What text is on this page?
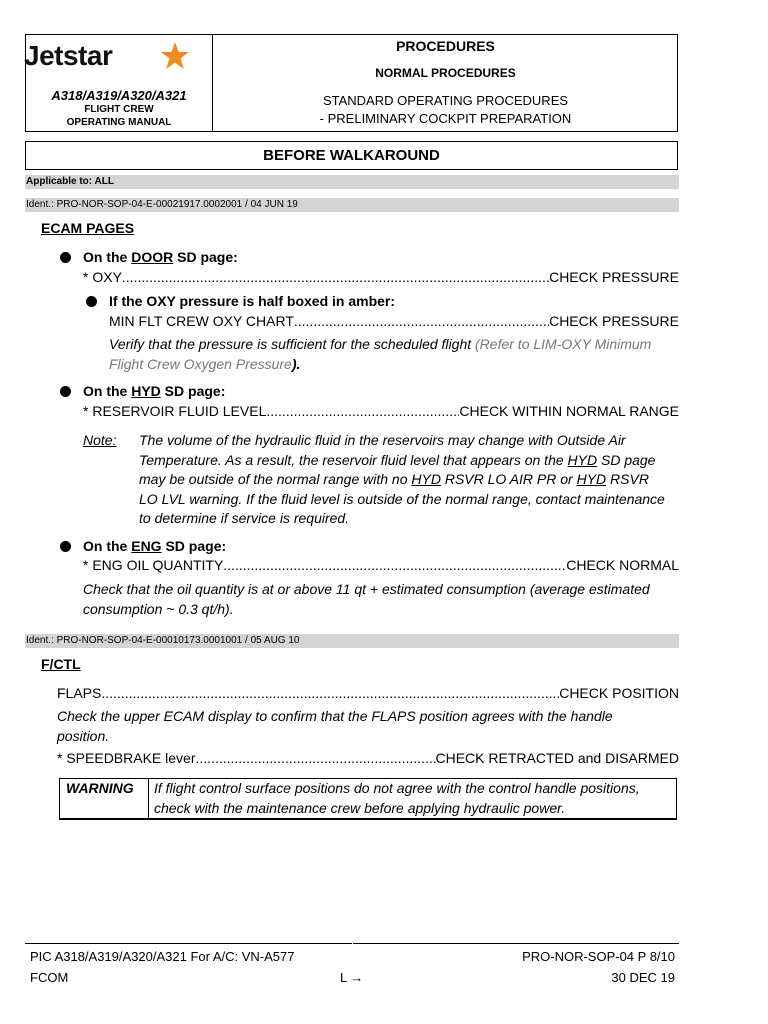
Jetstar
A318/A319/A320/A321
FLIGHT CREW
OPERATING MANUAL
PROCEDURES
NORMAL PROCEDURES
STANDARD OPERATING PROCEDURES
- PRELIMINARY COCKPIT PREPARATION
BEFORE WALKAROUND
Applicable to: ALL
Ident.: PRO-NOR-SOP-04-E-00021917.0002001 / 04 JUN 19
ECAM PAGES
On the DOOR SD page:
* OXY .....	CHECK PRESSURE
If the OXY pressure is half boxed in amber:
MIN FLT CREW OXY CHART .....	CHECK PRESSURE
Verify that the pressure is sufficient for the scheduled flight (Refer to LIM-OXY Minimum
Flight Crew Oxygen Pressure).
On the HYD SD page:
* RESERVOIR FLUID LEVEL .....	CHECK WITHIN NORMAL RANGE
Note: The volume of the hydraulic fluid in the reservoirs may change with Outside Air
Temperature. As a result, the reservoir fluid level that appears on the HYD SD page
may be outside of the normal range with no HYD RSVR LO AIR PR or HYD RSVR
LO LVL warning. If the fluid level is outside of the normal range, contact maintenance
to determine if service is required.
On the ENG SD page:
* ENG OIL QUANTITY .....	CHECK NORMAL
Check that the oil quantity is at or above 11 qt + estimated consumption (average estimated
consumption ~ 0.3 qt/h).
Ident.: PRO-NOR-SOP-04-E-00010173.0001001 / 05 AUG 10
F/CTL
FLAPS .....	CHECK POSITION
Check the upper ECAM display to confirm that the FLAPS position agrees with the handle
position.
* SPEEDBRAKE lever .....	CHECK RETRACTED and DISARMED
WARNING If flight control surface positions do not agree with the control handle positions,
check with the maintenance crew before applying hydraulic power.
PIC A318/A319/A320/A321 For A/C: VN-A577
FCOM	L →
PRO-NOR-SOP-04 P 8/10
30 DEC 19
